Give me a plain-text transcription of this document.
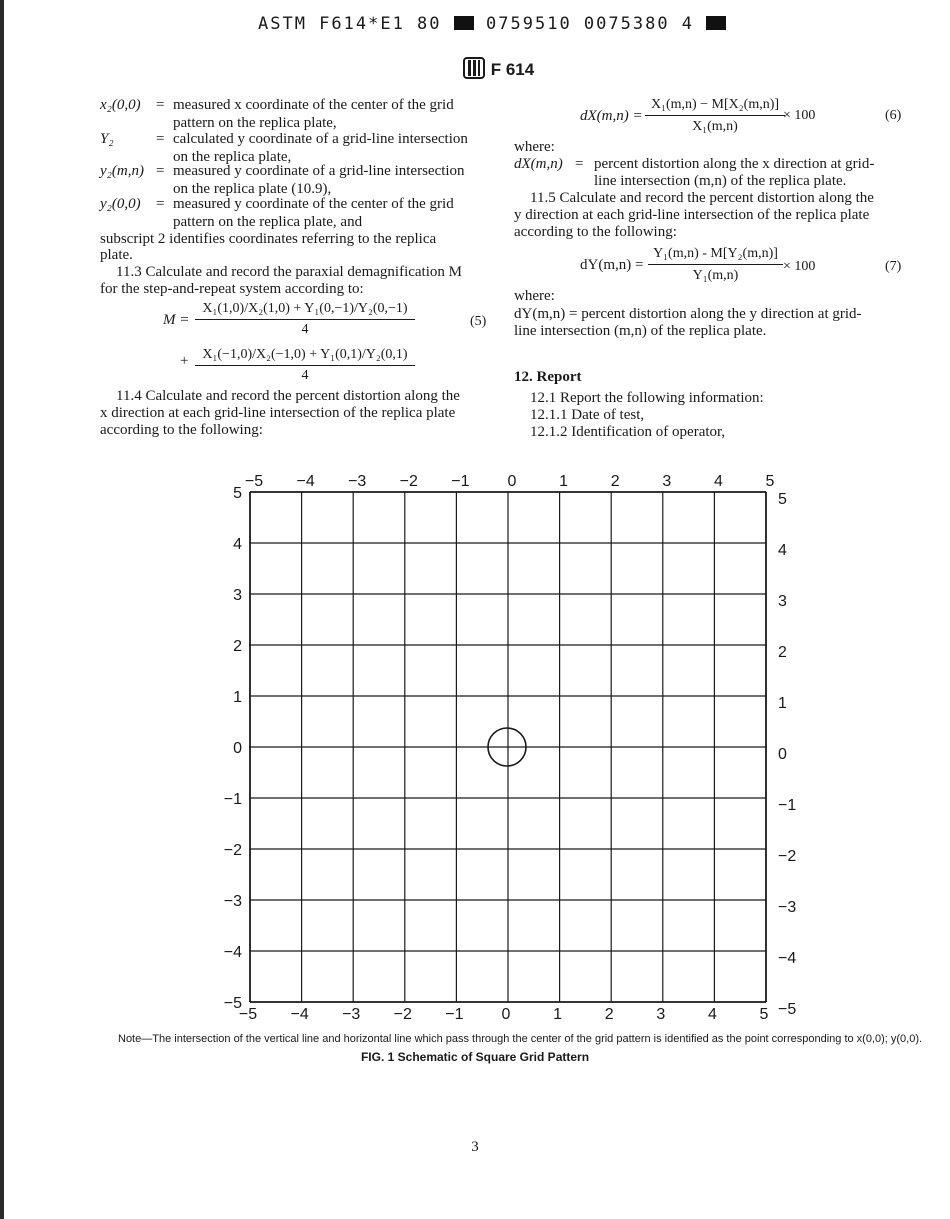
ASTM F614*E1 80	0759510 0075380 4
F 614
x₂(0,0) = measured x coordinate of the center of the grid
pattern on the replica plate,
Y₂	= calculated y coordinate of a grid-line intersection
on the replica plate,
y₂(m,n) = measured y coordinate of a grid-line intersection
on the replica plate (10.9),
y₂(0,0) = measured y coordinate of the center of the grid
pattern on the replica plate, and
subscript 2 identifies coordinates referring to the replica
plate.
11.3 Calculate and record the paraxial demagnification M
for the step-and-repeat system according to:
M =
X₁(1,0)/X₂(1,0) + Y₁(0,−1)/Y₂(0,−1)
4
(5)
+ X₁(−1,0)/X₂(−1,0) + Y₁(0,1)/Y₂(0,1)
4
11.4 Calculate and record the percent distortion along the
x direction at each grid-line intersection of the replica plate
according to the following:
dX(m,n) =
X₁(m,n) − M[X₂(m,n)]
X₁(m,n)
× 100	(6)
where:
dX(m,n) = percent distortion along the x direction at grid-
line intersection (m,n) of the replica plate.
11.5 Calculate and record the percent distortion along the
y direction at each grid-line intersection of the replica plate
according to the following:
dY(m,n) =
Y₁(m,n) - M[Y₂(m,n)]
Y₁(m,n)
× 100	(7)
where:
dY(m,n) = percent distortion along the y direction at grid-
line intersection (m,n) of the replica plate.
12. Report
12.1 Report the following information:
12.1.1 Date of test,
12.1.2 Identification of operator,
−5 −4 −3 −2 −1 0	1	2	3	4	5
−5 −4 −3 −2 −1 0	1	2	3	4	5
5
4
3
2
1
0
−1
−2
−3
−4
−5
5
4
3
2
1
0
−1
−2
−3
−4
−5
Note—The intersection of the vertical line and horizontal line which pass through the center of the grid pattern is identified as the point corresponding to x(0,0); y(0,0).
FIG. 1 Schematic of Square Grid Pattern
3
